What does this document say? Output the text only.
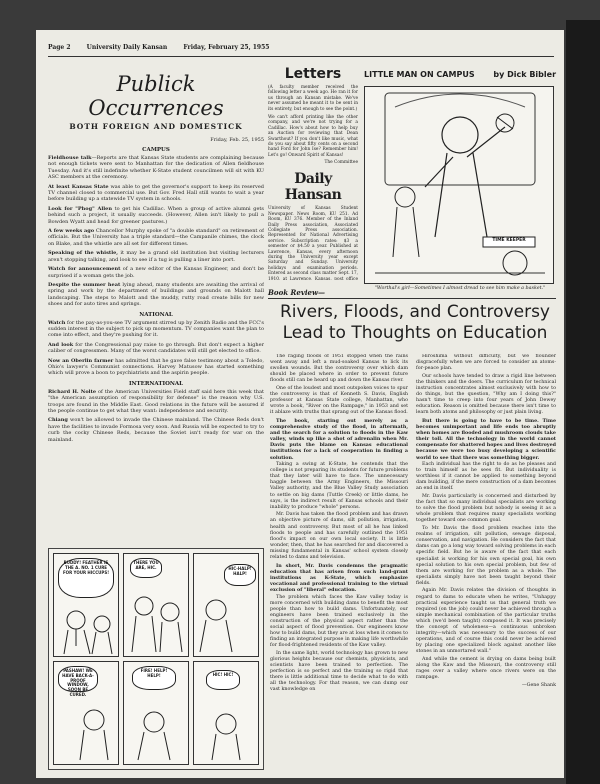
Page 2	University Daily Kansan	Friday, February 25, 1955
Publick Occurrences
BOTH FOREIGN AND DOMESTICK
Friday, Feb. 25, 1955
CAMPUS
Fieldhouse talk—Reports are that Kansas State students are complaining because not enough tickets were sent to Manhattan for the dedication of Allen fieldhouse Tuesday. And it's still indefinite whether K-State student councilmen will sit with KU ASC members at the ceremony.
At least Kansas State was able to get the governor's support to keep its reserved TV channel closed to commercial use. But Gov. Fred Hall still wants to wait a year before building up a statewide TV system in schools.
Look for "Phog" Allen to get his Cadillac. When a group of active alumni gets behind such a project, it usually succeeds. (However, Allen isn't likely to pull a Bowden Wyatt and head for greener pastures.)
A few weeks ago Chancellor Murphy spoke of "a double standard" on retirement of officials. But the University has a triple standard—the Campanile chimes, the clock on Blake, and the whistle are all set for different times.
Speaking of the whistle, it may be a grand old institution but visiting lecturers aren't stopping talking, and look to see if a tug is pulling a liner into port.
Watch for announcement of a new editor of the Kansas Engineer, and don't be surprised if a woman gets the job.
Despite the summer heat lying ahead, many students are awaiting the arrival of spring and work by the department of buildings and grounds on Malott hall landscaping. The steps to Malott and the muddy, rutty road create bills for new shoes and for auto tires and springs.
NATIONAL
Watch for the pay-as-you-see TV argument stirred up by Zenith Radio and the FCC's sudden interest in the subject to pick up momentum. TV companies want the plan to come into effect, and they're pushing for it.
And look for the Congressional pay raise to go through. But don't expect a higher caliber of congressmen. Many of the worst candidates will still get elected to office.
Now an Oberlin farmer has admitted that he gave false testimony about a Toledo, Ohio's lawyer's Communist connections. Harvey Matusow has started something which will prove a boon to psychiatrists and the aspirin people.
INTERNATIONAL
Richard H. Nolte of the American Universities Field staff said here this week that "the American assumption of responsibility for defense" is the reason why U.S. troops are found in the Middle East. Good relations in the future will be assured if the people continue to get what they want: independence and security.
Chiang won't be allowed to invade the Chinese mainland. The Chinese Reds don't have the facilities to invade Formosa very soon. And Russia will be expected to try to curb the cocky Chinese Reds, because the Soviet isn't ready for war on the mainland.
BUDDY! FEATHER IS THE A. NO. 1 CURE FOR YOUR HICCUPS!
THERE YOU ARE, HIC.	HIC-HALP! HALP!
PASHAW! WE HAVE BACK-A-PROOF WINDOW, SOON BE CURED.
FIRE! HELP! HELP!	HIC! HIC!
Letters
(A faculty member received the following letter a week ago. He ran it for us through an Kansan mistake. We've never assumed he meant it to be sent in its entirety, but enough to see the point.)
We can't afford printing like the other company, and we're not trying for a Cadillac. How's about how to help buy an Auction for reviewing that Dean Swarthout? If you don't like music, what do you say about fifty cents on a second hand Ford for John Ise? Remember him! Let's go! Onward Spirit of Kansas!
The Committee
Daily Hansan
University of Kansas Student Newspaper. News Room, KU 251. Ad Room, KU 376. Member of the Inland Daily Press association, Associated Collegiate Press association. Represented for National Advertising service. Subscription rates: $3 a semester or $4.50 a year. Published at Lawrence, Kansas, every afternoon during the University year except Saturday and Sunday. University holidays and examination periods. Entered as second class matter Sept. 17, 1910, at Lawrence, Kansas, post office
LITTLE MAN ON CAMPUS by Dick Bibler
TIME KEEPER
"Worthal's girl—Sometimes I almost dread to see him make a basket."
Book Review—
Rivers, Floods, and Controversy Lead to Thoughts on Education

The raging floods of 1951 stopped when the rains went away and left a mud-soaked Kansas to lick its swollen wounds. But the controversy over which dam should be placed where in order to prevent future floods still can be heard up and down the Kansas river.

One of the loudest and most outspoken voices to spur the controversy is that of Kenneth S. Davis, English professor at Kansas State college, Manhattan, who wrote a book, "River on the Rampage," in 1953 and set it ablaze with truths that sprang out of the Kansas flood.

The book, starting out merely as a comprehensive study of the flood, in aftermath, and the search for a solution to floods in the Kaw valley, winds up like a shot of adrenalin when Mr. Davis puts the blame on Kansas educational institutions for a lack of cooperation in finding a solution.

Taking a swing at K-State, he contends that the college is not preparing its students for future problems that they later will have to face. The unnecessary haggle between the Army Engineers, the Missouri Valley authority, and the Blue Valley Study association to settle on big dams (Tuttle Creek) or little dams, he says, is the indirect result of Kansas schools and their inability to produce "whole" persons.

Mr. Davis has taken the flood problem and has drawn an objective picture of dams, silt pollution, irrigation, health and controversy. But most of all he has linked floods to people and has carefully outlined the 1951 flood's impact on our own local society. It is little wonder, then, that he has searched for and discovered a missing fundamental in Kansas' school system closely related to dams and television.

In short, Mr. Davis condemns the pragmatic education that has arisen from such land-grant institutions as K-State, which emphasize vocational and professional training to the virtual exclusion of "liberal" education.

The problem which faces the Kaw valley today is more concerned with building dams to benefit the most people than how to build dams. Unfortunately, our engineers have been trained exclusively in the construction of the physical aspect rather than the social aspect of flood prevention. Our engineers know how to build dams, but they are at loss when it comes to finding an integrated purpose in making life worthwhile for flood-frightened residents of the Kaw valley.

In the same light, world technology has grown to new glorious heights because our chemists, physicists, and scientists have been trained to perfection. The perfection is so perfect and the training so rigid that there is little additional time to decide what to do with all the technology. For that reason, we can dump our vast knowledge on

Hiroshima without difficulty, but we flounder disgracefully when we are forced to consider an atoms-for-peace plan.

Our schools have tended to draw a rigid line between the thinkers and the doers. The curriculum for technical instruction concentrates almost exclusively with how to do things, but the question, "Why am I doing this?" hasn't time to creep into four years of John Dewey education. Reason is omitted because there isn't time to learn both atoms and philosophy or just plain living.

But there is going to have to be time. Time becomes unimportant and life ends too abruptly when homes are flooded and mushroom clouds take their toll. All the technology in the world cannot compensate for shattered hopes and lives destroyed because we were too busy developing a scientific world to see that there was something bigger.

Each individual has the right to do as he pleases and to train himself as he sees fit. But individuality is worthless if it cannot be applied to something beyond dam building, if the mere construction of a dam becomes an end in itself.

Mr. Davis particularly is concerned and disturbed by the fact that so many individual specialists are working to solve the flood problem but nobody is seeing it as a whole problem that requires many specialists working together toward one common goal.

To Mr. Davis the flood problem reaches into the realms of irrigation, silt pollution, sewage disposal, conservation, and navigation. He considers the fact that dams can go a long way toward solving problems in each specific field. But he is aware of the fact that each specialist is working for his own special goal, his own special solution to his own special problem, but few of them are working for the problem as a whole. The specialists simply have not been taught beyond their fields.

Again Mr. Davis relates the division of thoughts in regard to dams to educate when he writes, "Unhappy practical experience taught us that general truth we required (on the job) could never be achieved through a simple mechanical combination of the particular truths which (we'd been taught) composed it. It was precisely the concept of wholeness—a continuous unbroken integrity—which was necessary to the success of our operations, and of course this could never be achieved by placing one specialized block against another like stones in an unmortared wall."

And while the cement is drying on dams being built along the Kaw and the Missouri, the controversy still rages over a valley where once rivers were on the rampage.

—Gene Shank
